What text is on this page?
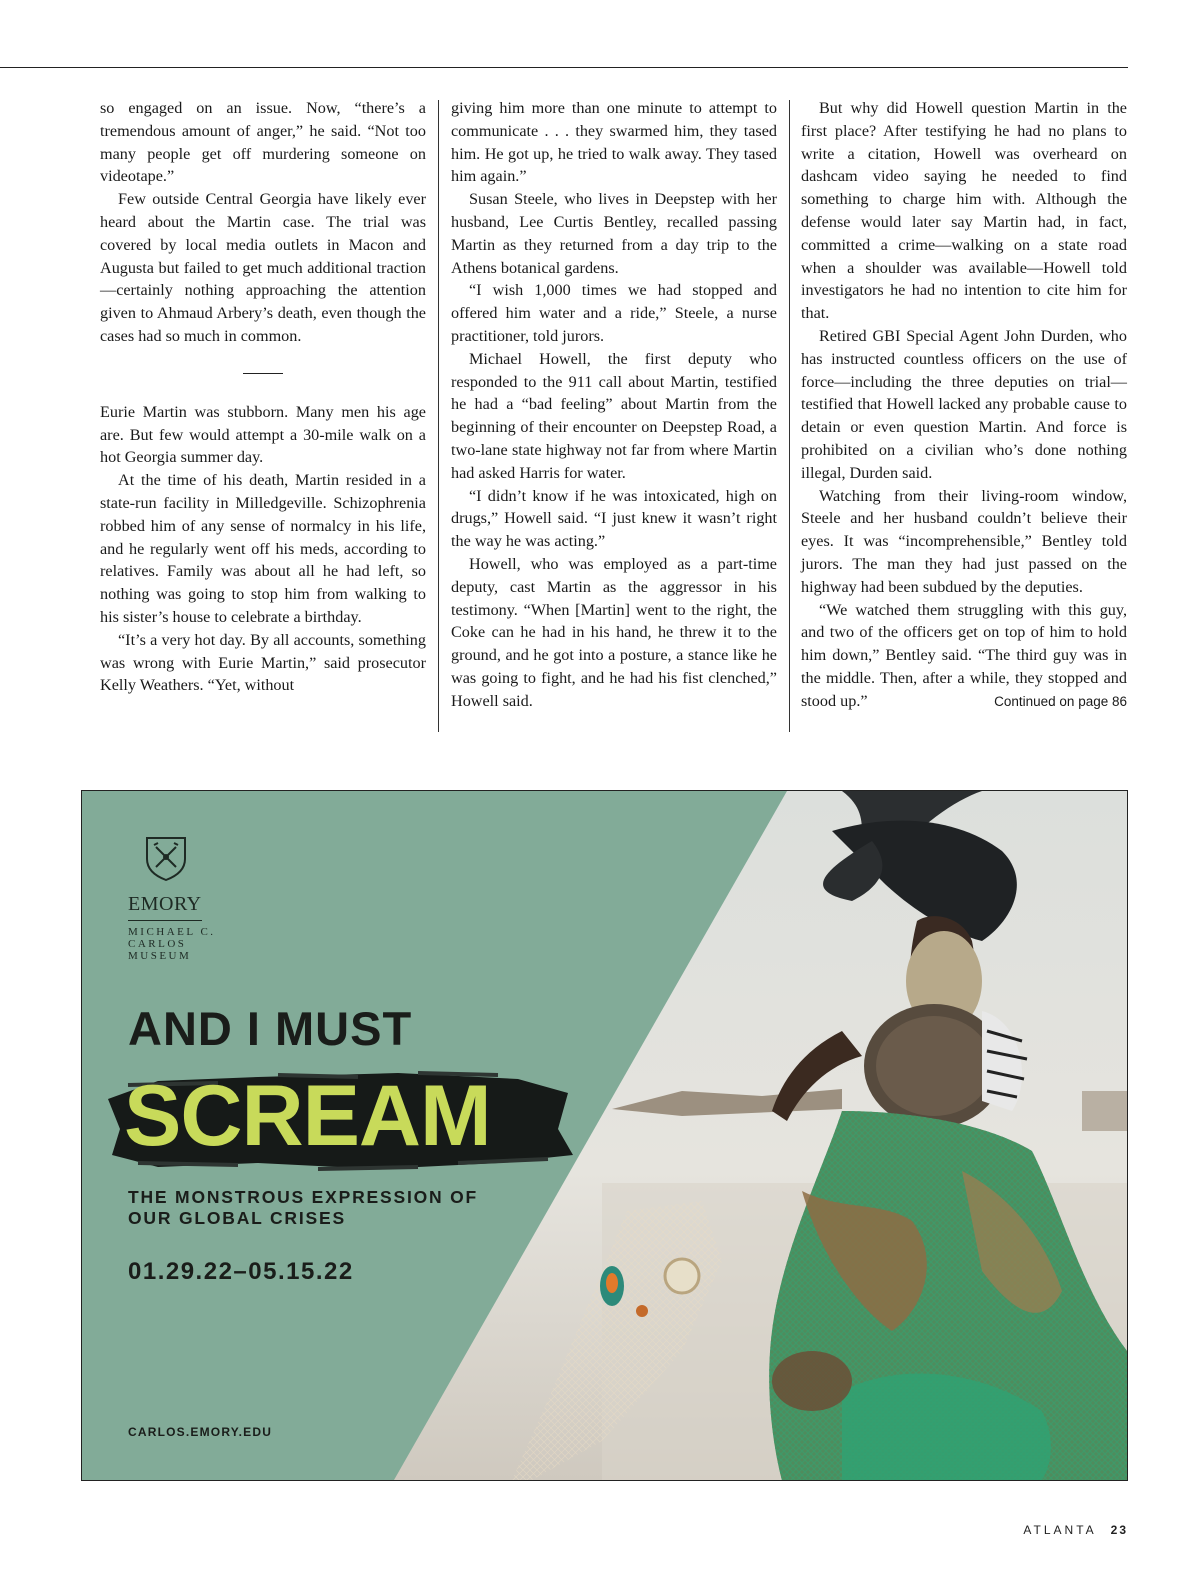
so engaged on an issue. Now, “there’s a tremendous amount of anger,” he said. “Not too many people get off murdering someone on videotape.”

Few outside Central Georgia have likely ever heard about the Martin case. The trial was covered by local media outlets in Macon and Augusta but failed to get much additional traction—certainly nothing approaching the attention given to Ahmaud Arbery’s death, even though the cases had so much in common.

Eurie Martin was stubborn. Many men his age are. But few would attempt a 30-mile walk on a hot Georgia summer day.

At the time of his death, Martin resided in a state-run facility in Milledgeville. Schizophrenia robbed him of any sense of normalcy in his life, and he regularly went off his meds, according to relatives. Family was about all he had left, so nothing was going to stop him from walking to his sister’s house to celebrate a birthday.

“It’s a very hot day. By all accounts, something was wrong with Eurie Martin,” said prosecutor Kelly Weathers. “Yet, without

giving him more than one minute to attempt to communicate . . . they swarmed him, they tased him. He got up, he tried to walk away. They tased him again.”

Susan Steele, who lives in Deepstep with her husband, Lee Curtis Bentley, recalled passing Martin as they returned from a day trip to the Athens botanical gardens.

“I wish 1,000 times we had stopped and offered him water and a ride,” Steele, a nurse practitioner, told jurors.

Michael Howell, the first deputy who responded to the 911 call about Martin, testified he had a “bad feeling” about Martin from the beginning of their encounter on Deepstep Road, a two-lane state highway not far from where Martin had asked Harris for water.

“I didn’t know if he was intoxicated, high on drugs,” Howell said. “I just knew it wasn’t right the way he was acting.”

Howell, who was employed as a part-time deputy, cast Martin as the aggressor in his testimony. “When [Martin] went to the right, the Coke can he had in his hand, he threw it to the ground, and he got into a posture, a stance like he was going to fight, and he had his fist clenched,” Howell said.

But why did Howell question Martin in the first place? After testifying he had no plans to write a citation, Howell was overheard on dashcam video saying he needed to find something to charge him with. Although the defense would later say Martin had, in fact, committed a crime—walking on a state road when a shoulder was available—Howell told investigators he had no intention to cite him for that.

Retired GBI Special Agent John Durden, who has instructed countless officers on the use of force—including the three deputies on trial—testified that Howell lacked any probable cause to detain or even question Martin. And force is prohibited on a civilian who’s done nothing illegal, Durden said.

Watching from their living-room window, Steele and her husband couldn’t believe their eyes. It was “incomprehensible,” Bentley told jurors. The man they had just passed on the highway had been subdued by the deputies.

“We watched them struggling with this guy, and two of the officers get on top of him to hold him down,” Bentley said. “The third guy was in the middle. Then, after a while, they stopped and stood up.”	Continued on page 86

EMORY
MICHAEL C.
CARLOS
MUSEUM
AND I MUST
SCREAM
THE MONSTROUS EXPRESSION OF OUR GLOBAL CRISES
01.29.22–05.15.22
CARLOS.EMORY.EDU
ATLANTA 23
